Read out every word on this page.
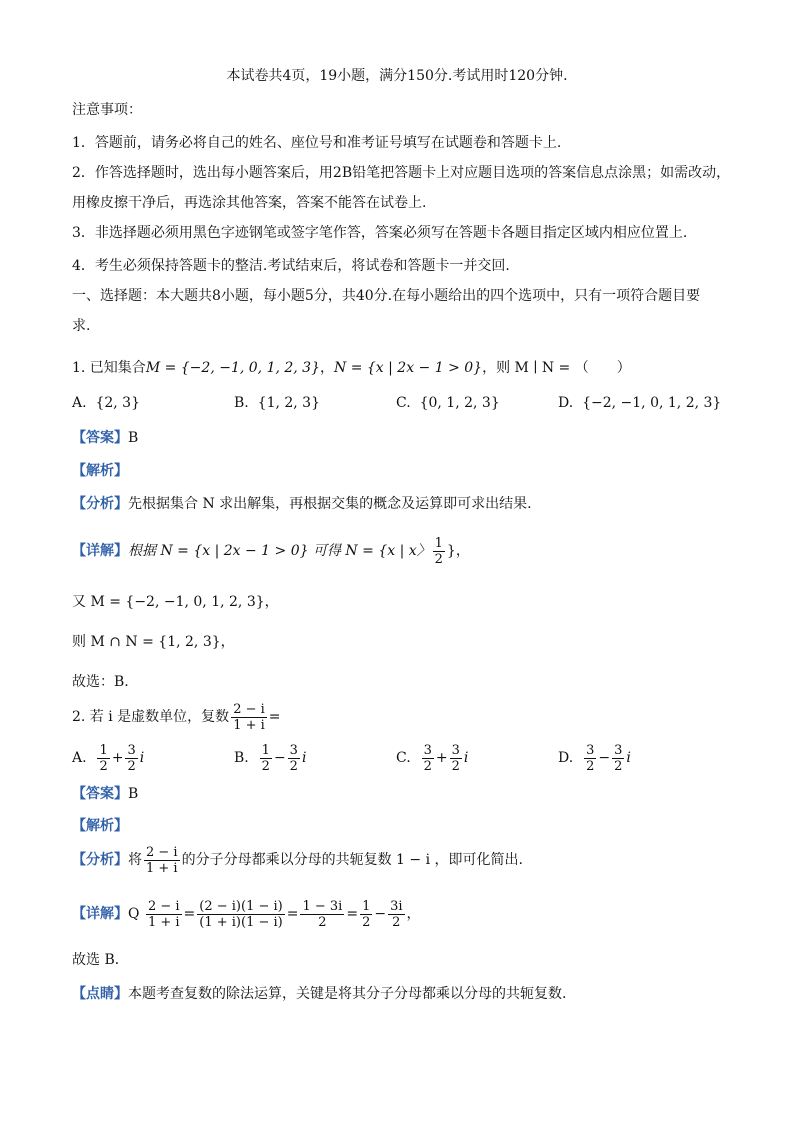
本试卷共4页，19小题，满分150分.考试用时120分钟.
注意事项：
1．答题前，请务必将自己的姓名、座位号和准考证号填写在试题卷和答题卡上.
2．作答选择题时，选出每小题答案后，用2B铅笔把答题卡上对应题目选项的答案信息点涂黑；如需改动，
用橡皮擦干净后，再选涂其他答案，答案不能答在试卷上.
3．非选择题必须用黑色字迹钢笔或签字笔作答，答案必须写在答题卡各题目指定区域内相应位置上.
4．考生必须保持答题卡的整洁.考试结束后，将试卷和答题卡一并交回.
一、选择题：本大题共8小题，每小题5分，共40分.在每小题给出的四个选项中，只有一项符合题目要
求.
1. 已知集合M = {−2, −1, 0, 1, 2, 3}，N = {x | 2x − 1 > 0}，则 M ∣ N = （　　）
A. {2, 3}	B. {1, 2, 3}	C. {0, 1, 2, 3}	D. {−2, −1, 0, 1, 2, 3}
【答案】B
【解析】
【分析】先根据集合 N 求出解集，再根据交集的概念及运算即可求出结果.
【详解】根据 N = {x | 2x − 1 > 0} 可得 N = {x | x〉 $\frac{1}{2}$ }，
又 M = {−2, −1, 0, 1, 2, 3}，
则 M ∩ N = {1, 2, 3}，
故选：B.
2. 若 i 是虚数单位，复数 $\frac{2 - i}{1 + i}$ =
A. $\frac{1}{2} + \frac{3}{2}$ i	B. $\frac{1}{2} - \frac{3}{2}$ i	C. $\frac{3}{2} + \frac{3}{2}$ i	D. $\frac{3}{2} - \frac{3}{2}$ i
【答案】B
【解析】
【分析】将 $\frac{2 - i}{1 + i}$ 的分子分母都乘以分母的共轭复数 1 − i ，即可化简出.
【详解】Q $\frac{2 - i}{1 + i} = \frac{(2 - i)(1 - i)}{(1 + i)(1 - i)} = \frac{1 - 3i}{2} = \frac{1}{2} - \frac{3i}{2}$ ，
故选 B．
【点睛】本题考查复数的除法运算，关键是将其分子分母都乘以分母的共轭复数.
